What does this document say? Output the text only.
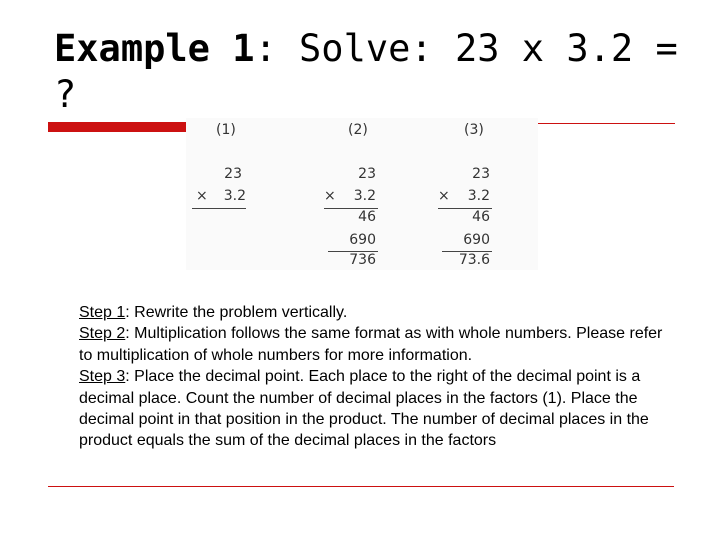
Example 1: Solve: 23 x 3.2 = ?
(1)
23
× 3.2
(2)
23
× 3.2
46
690
736
(3)
23
× 3.2
46
690
73.6

Step 1: Rewrite the problem vertically.

Step 2: Multiplication follows the same format as with whole numbers. Please refer to multiplication of whole numbers for more information.

Step 3: Place the decimal point. Each place to the right of the decimal point is a decimal place. Count the number of decimal places in the factors (1). Place the decimal point in that position in the product. The number of decimal places in the product equals the sum of the decimal places in the factors
